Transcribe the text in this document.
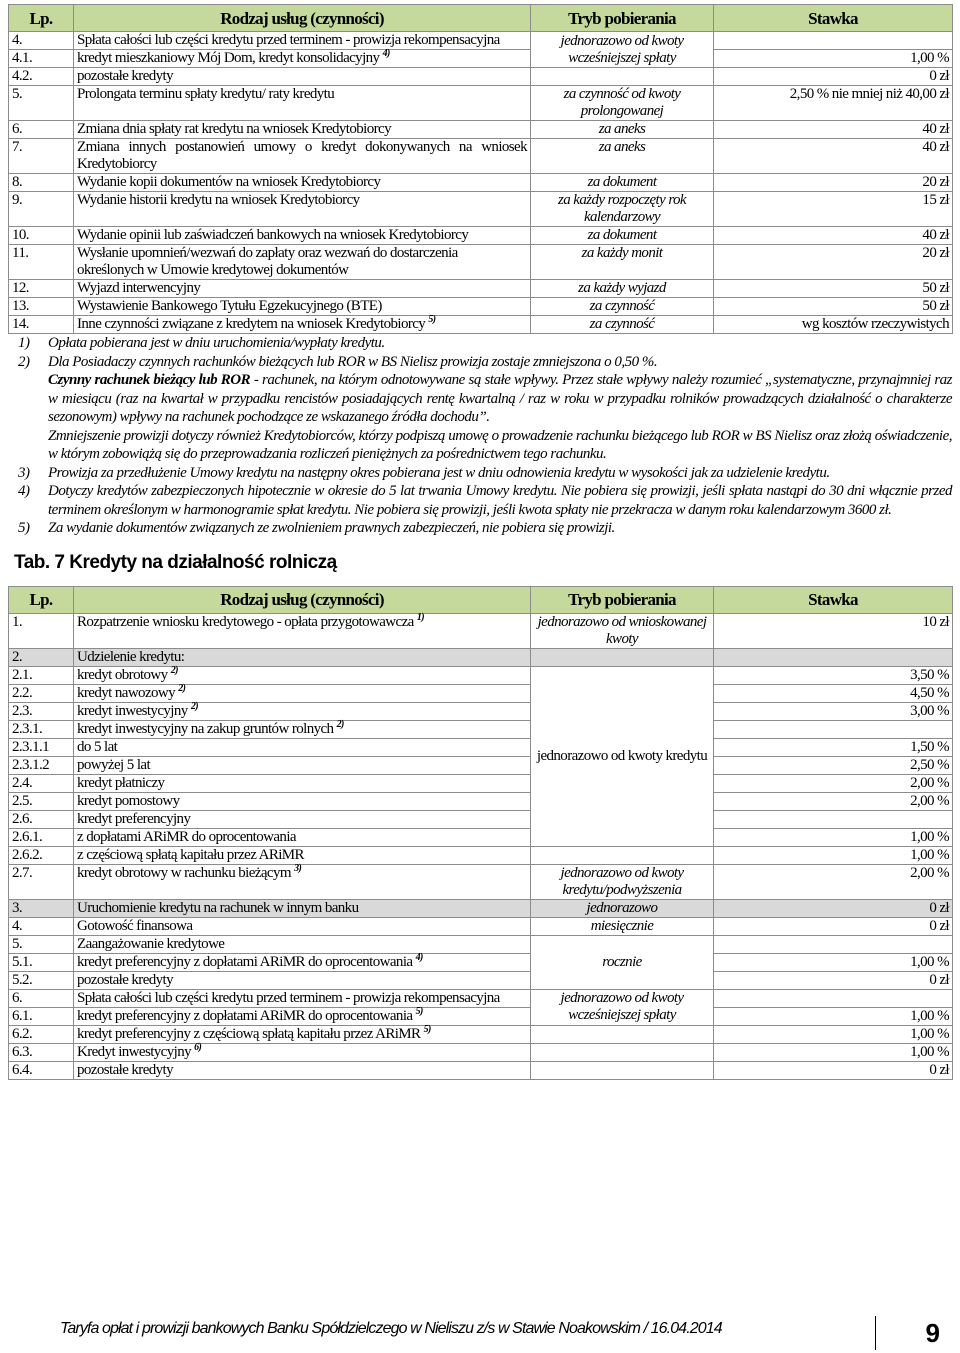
Lp.	Rodzaj usług (czynności)	Tryb pobierania	Stawka
4.	Spłata całości lub części kredytu przed terminem - prowizja rekompensacyjna	jednorazowo od kwoty wcześniejszej spłaty	
4.1.	kredyt mieszkaniowy Mój Dom, kredyt konsolidacyjny $^{4)}$		1,00 %
4.2.	pozostałe kredyty		0 zł
5.	Prolongata terminu spłaty kredytu/ raty kredytu	za czynność od kwoty prolongowanej	2,50 % nie mniej niż 40,00 zł
6.	Zmiana dnia spłaty rat kredytu na wniosek Kredytobiorcy	za aneks	40 zł
7.	Zmiana innych postanowień umowy o kredyt dokonywanych na wniosek Kredytobiorcy	za aneks	40 zł
8.	Wydanie kopii dokumentów na wniosek Kredytobiorcy	za dokument	20 zł
9.	Wydanie historii kredytu na wniosek Kredytobiorcy	za każdy rozpoczęty rok kalendarzowy	15 zł
10.	Wydanie opinii lub zaświadczeń bankowych na wniosek Kredytobiorcy	za dokument	40 zł
11.	Wysłanie upomnień/wezwań do zapłaty oraz wezwań do dostarczenia określonych w Umowie kredytowej dokumentów	za każdy monit	20 zł
12.	Wyjazd interwencyjny	za każdy wyjazd	50 zł
13.	Wystawienie Bankowego Tytułu Egzekucyjnego (BTE)	za czynność	50 zł
14.	Inne czynności związane z kredytem na wniosek Kredytobiorcy $^{5)}$	za czynność	wg kosztów rzeczywistych
1)	Opłata pobierana jest w dniu uruchomienia/wypłaty kredytu.
2)	Dla Posiadaczy czynnych rachunków bieżących lub ROR w BS Nielisz prowizja zostaje zmniejszona o 0,50 %.
Czynny rachunek bieżący lub ROR - rachunek, na którym odnotowywane są stałe wpływy. Przez stałe wpływy należy rozumieć „systematyczne, przynajmniej raz w miesiącu (raz na kwartał w przypadku rencistów posiadających rentę kwartalną / raz w roku w przypadku rolników prowadzących działalność o charakterze sezonowym) wpływy na rachunek pochodzące ze wskazanego źródła dochodu”.
Zmniejszenie prowizji dotyczy również Kredytobiorców, którzy podpiszą umowę o prowadzenie rachunku bieżącego lub ROR w BS Nielisz oraz złożą oświadczenie, w którym zobowiążą się do przeprowadzania rozliczeń pieniężnych za pośrednictwem tego rachunku.
3)	Prowizja za przedłużenie Umowy kredytu na następny okres pobierana jest w dniu odnowienia kredytu w wysokości jak za udzielenie kredytu.
4)	Dotyczy kredytów zabezpieczonych hipotecznie w okresie do 5 lat trwania Umowy kredytu. Nie pobiera się prowizji, jeśli spłata nastąpi do 30 dni włącznie przed terminem określonym w harmonogramie spłat kredytu. Nie pobiera się prowizji, jeśli kwota spłaty nie przekracza w danym roku kalendarzowym 3600 zł.
5)	Za wydanie dokumentów związanych ze zwolnieniem prawnych zabezpieczeń, nie pobiera się prowizji.
Tab. 7 Kredyty na działalność rolniczą
Lp.	Rodzaj usług (czynności)	Tryb pobierania	Stawka
1.	Rozpatrzenie wniosku kredytowego - opłata przygotowawcza $^{1)}$	jednorazowo od wnioskowanej kwoty	10 zł
2.	Udzielenie kredytu:		
2.1.	kredyt obrotowy $^{2)}$	jednorazowo od kwoty kredytu	3,50 %
2.2.	kredyt nawozowy $^{2)}$		4,50 %
2.3.	kredyt inwestycyjny $^{2)}$		3,00 %
2.3.1.	kredyt inwestycyjny na zakup gruntów rolnych $^{2)}$	
2.3.1.1	do 5 lat		1,50 %
2.3.1.2	powyżej 5 lat		2,50 %
2.4.	kredyt płatniczy		2,00 %
2.5.	kredyt pomostowy		2,00 %
2.6.	kredyt preferencyjny		
2.6.1.	z dopłatami ARiMR do oprocentowania		1,00 %
2.6.2.	z częściową spłatą kapitału przez ARiMR		1,00 %
2.7.	kredyt obrotowy w rachunku bieżącym $^{3)}$	jednorazowo od kwoty kredytu/podwyższenia	2,00 %
3.	Uruchomienie kredytu na rachunek w innym banku	jednorazowo	0 zł
4.	Gotowość finansowa	miesięcznie	0 zł
5.	Zaangażowanie kredytowe	rocznie	
5.1.	kredyt preferencyjny z dopłatami ARiMR do oprocentowania $^{4)}$		1,00 %
5.2.	pozostałe kredyty		0 zł
6.	Spłata całości lub części kredytu przed terminem - prowizja rekompensacyjna	jednorazowo od kwoty wcześniejszej spłaty	
6.1.	kredyt preferencyjny z dopłatami ARiMR do oprocentowania $^{5)}$		1,00 %
6.2.	kredyt preferencyjny z częściową spłatą kapitału przez ARiMR $^{5)}$		1,00 %
6.3.	Kredyt inwestycyjny $^{6)}$		1,00 %
6.4.	pozostałe kredyty		0 zł
Taryfa opłat i prowizji bankowych Banku Spółdzielczego w Nieliszu z/s w Stawie Noakowskim / 16.04.2014	9
